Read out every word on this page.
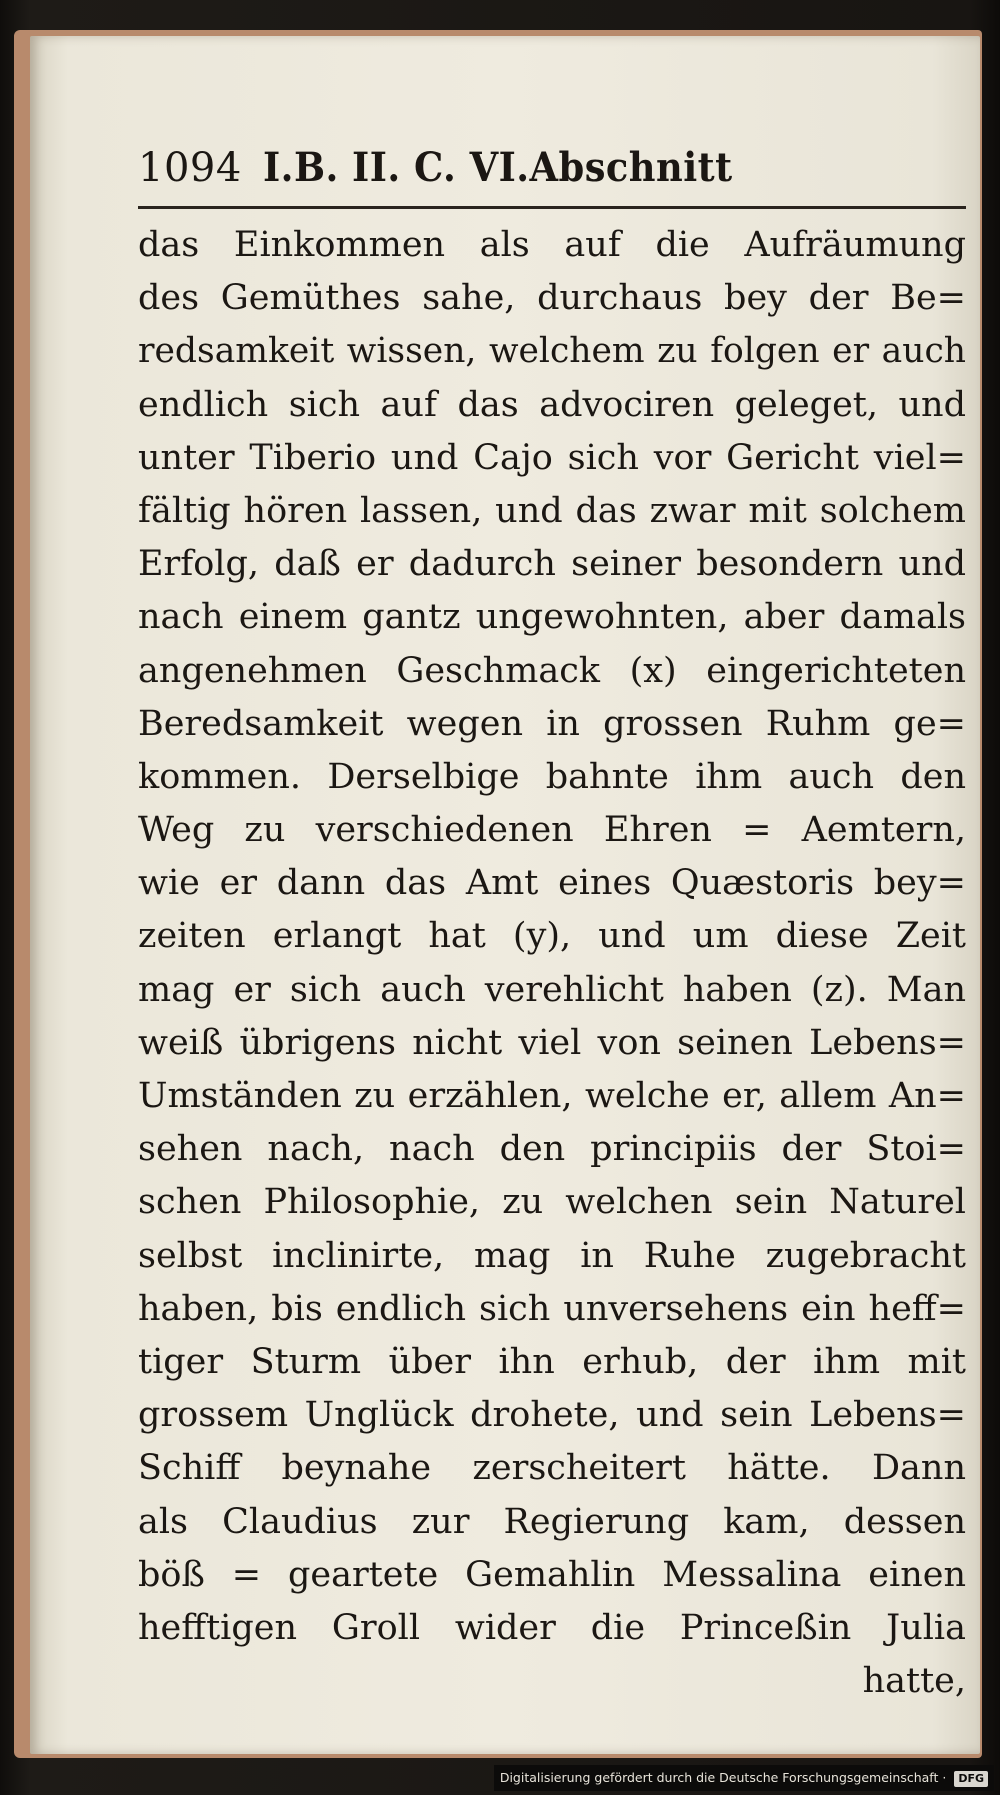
1094 I.B. II. C. VI.Abschnitt
das Einkommen als auf die Aufräumung
des Gemüthes sahe, durchaus bey der Be=
redsamkeit wissen, welchem zu folgen er auch
endlich sich auf das advociren geleget, und
unter Tiberio und Cajo sich vor Gericht viel=
fältig hören lassen, und das zwar mit solchem
Erfolg, daß er dadurch seiner besondern und
nach einem gantz ungewohnten, aber damals
angenehmen Geschmack (x) eingerichteten
Beredsamkeit wegen in grossen Ruhm ge=
kommen. Derselbige bahnte ihm auch den
Weg zu verschiedenen Ehren = Aemtern,
wie er dann das Amt eines Quæstoris bey=
zeiten erlangt hat (y), und um diese Zeit
mag er sich auch verehlicht haben (z). Man
weiß übrigens nicht viel von seinen Lebens=
Umständen zu erzählen, welche er, allem An=
sehen nach, nach den principiis der Stoi=
schen Philosophie, zu welchen sein Naturel
selbst inclinirte, mag in Ruhe zugebracht
haben, bis endlich sich unversehens ein heff=
tiger Sturm über ihn erhub, der ihm mit
grossem Unglück drohete, und sein Lebens=
Schiff beynahe zerscheitert hätte. Dann
als Claudius zur Regierung kam, dessen
böß = geartete Gemahlin Messalina einen
hefftigen Groll wider die Princeßin Julia
hatte,
Digitalisierung gefördert durch die Deutsche Forschungsgemeinschaft · DFG
